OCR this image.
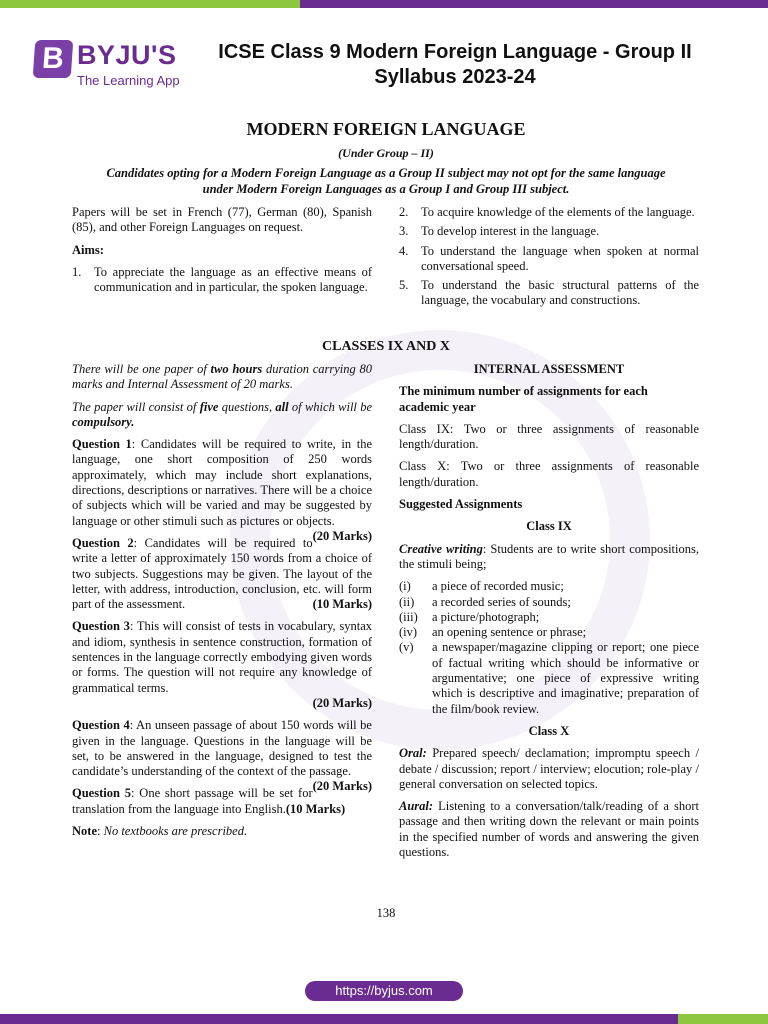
B BYJU'S
The Learning App
ICSE Class 9 Modern Foreign Language - Group II
Syllabus 2023-24
MODERN FOREIGN LANGUAGE
(Under Group – II)
Candidates opting for a Modern Foreign Language as a Group II subject may not opt for the same language
under Modern Foreign Languages as a Group I and Group III subject.

Papers will be set in French (77), German (80), Spanish (85), and other Foreign Languages on request.

Aims:

1.	To appreciate the language as an effective means of communication and in particular, the spoken language.
2.	To acquire knowledge of the elements of the language.
3.	To develop interest in the language.
4.	To understand the language when spoken at normal conversational speed.
5.	To understand the basic structural patterns of the language, the vocabulary and constructions.
CLASSES IX AND X

There will be one paper of two hours duration carrying 80 marks and Internal Assessment of 20 marks.

The paper will consist of five questions, all of which will be compulsory.

Question 1: Candidates will be required to write, in the language, one short composition of 250 words approximately, which may include short explanations, directions, descriptions or narratives. There will be a choice of subjects which will be varied and may be suggested by language or other stimuli such as pictures or objects.
(20 Marks)

Question 2: Candidates will be required to write a letter of approximately 150 words from a choice of two subjects. Suggestions may be given. The layout of the letter, with address, introduction, conclusion, etc. will form part of the assessment.	(10 Marks)

Question 3: This will consist of tests in vocabulary, syntax and idiom, synthesis in sentence construction, formation of sentences in the language correctly embodying given words or forms. The question will not require any knowledge of grammatical terms.

(20 Marks)

Question 4: An unseen passage of about 150 words will be given in the language. Questions in the language will be set, to be answered in the language, designed to test the candidate’s understanding of the context of the passage.
(20 Marks)

Question 5: One short passage will be set for translation from the language into English.(10 Marks)

Note: No textbooks are prescribed.

INTERNAL ASSESSMENT

The minimum number of assignments for each academic year

Class IX: Two or three assignments of reasonable length/duration.

Class X: Two or three assignments of reasonable length/duration.

Suggested Assignments

Class IX

Creative writing: Students are to write short compositions, the stimuli being;

(i)	a piece of recorded music;
(ii)	a recorded series of sounds;
(iii)	a picture/photograph;
(iv)	an opening sentence or phrase;
(v)	a newspaper/magazine clipping or report; one piece of factual writing which should be informative or argumentative; one piece of expressive writing which is descriptive and imaginative; preparation of the film/book review.

Class X

Oral: Prepared speech/ declamation; impromptu speech / debate / discussion; report / interview; elocution; role-play / general conversation on selected topics.

Aural: Listening to a conversation/talk/reading of a short passage and then writing down the relevant or main points in the specified number of words and answering the given questions.

138
https://byjus.com
